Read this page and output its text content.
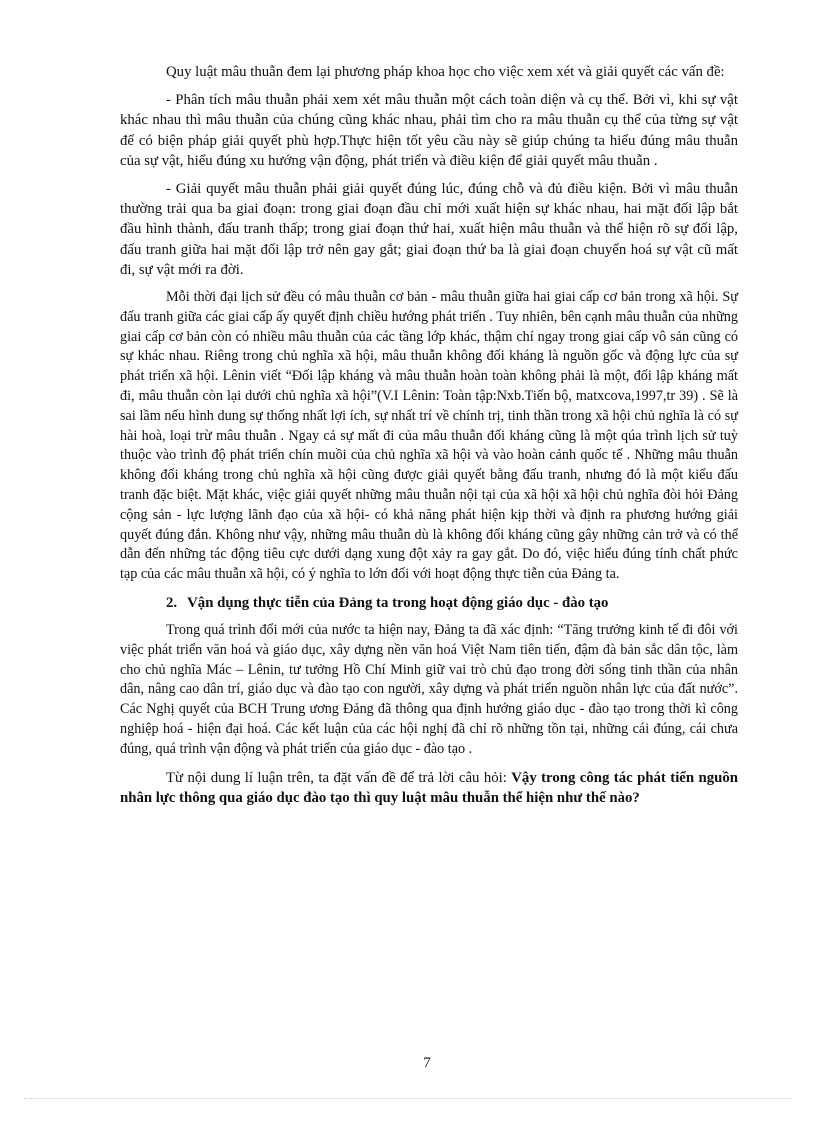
Quy luật mâu thuẫn đem lại phương pháp khoa học cho việc xem xét và giải quyết các vấn đề:

- Phân tích mâu thuẫn phải xem xét mâu thuẫn một cách toàn diện và cụ thể. Bởi vì, khi sự vật khác nhau thì mâu thuẫn của chúng cũng khác nhau, phải tìm cho ra mâu thuẫn cụ thể của từng sự vật để có biện pháp giải quyết phù hợp.Thực hiện tốt yêu cầu này sẽ giúp chúng ta hiểu đúng mâu thuẫn của sự vật, hiểu đúng xu hướng vận động, phát triển và điều kiện để giải quyết mâu thuẫn .

- Giải quyết mâu thuẫn phải giải quyết đúng lúc, đúng chỗ và đủ điều kiện. Bởi vì mâu thuẫn thường trải qua ba giai đoạn: trong giai đoạn đầu chỉ mới xuất hiện sự khác nhau, hai mặt đối lập bắt đầu hình thành, đấu tranh thấp; trong giai đoạn thứ hai, xuất hiện mâu thuẫn và thể hiện rõ sự đối lập, đấu tranh giữa hai mặt đối lập trở nên gay gắt; giai đoạn thứ ba là giai đoạn chuyển hoá sự vật cũ mất đi, sự vật mới ra đời.

Mỗi thời đại lịch sử đều có mâu thuẫn cơ bản - mâu thuẫn giữa hai giai cấp cơ bản trong xã hội. Sự đấu tranh giữa các giai cấp ấy quyết định chiều hướng phát triển . Tuy nhiên, bên cạnh mâu thuẫn của những giai cấp cơ bản còn có nhiều mâu thuẫn của các tầng lớp khác, thậm chí ngay trong giai cấp vô sản cũng có sự khác nhau. Riêng trong chủ nghĩa xã hội, mâu thuẫn không đối kháng là nguồn gốc và động lực của sự phát triển xã hội. Lênin viết “Đối lập kháng và mâu thuẫn hoàn toàn không phải là một, đối lập kháng mất đi, mâu thuẫn còn lại dưới chủ nghĩa xã hội”(V.I Lênin: Toàn tập:Nxb.Tiến bộ, matxcova,1997,tr 39) . Sẽ là sai lầm nếu hình dung sự thống nhất lợi ích, sự nhất trí về chính trị, tinh thần trong xã hội chủ nghĩa là có sự hài hoà, loại trừ mâu thuẫn . Ngay cả sự mất đi của mâu thuẫn đối kháng cũng là một qúa trình lịch sử tuỳ thuộc vào trình độ phát triển chín muồi của chủ nghĩa xã hội và vào hoàn cảnh quốc tế . Những mâu thuẫn không đối kháng trong chủ nghĩa xã hội cũng được giải quyết bằng đấu tranh, nhưng đó là một kiểu đấu tranh đặc biệt. Mặt khác, việc giải quyết những mâu thuẫn nội tại của xã hội xã hội chủ nghĩa đòi hỏi Đảng cộng sản - lực lượng lãnh đạo của xã hội- có khả năng phát hiện kịp thời và định ra phương hướng giải quyết đúng đắn. Không như vậy, những mâu thuẫn dù là không đối kháng cũng gây những cản trở và có thể dẫn đến những tác động tiêu cực dưới dạng xung đột xảy ra gay gắt. Do đó, việc hiểu đúng tính chất phức tạp của các mâu thuẫn xã hội, có ý nghĩa to lớn đối với hoạt động thực tiễn của Đảng ta.

2. Vận dụng thực tiễn của Đảng ta trong hoạt động giáo dục - đào tạo

Trong quá trình đổi mới của nước ta hiện nay, Đảng ta đã xác định: “Tăng trưởng kinh tế đi đôi với việc phát triển văn hoá và giáo dục, xây dựng nền văn hoá Việt Nam tiên tiến, đậm đà bản sắc dân tộc, làm cho chủ nghĩa Mác – Lênin, tư tưởng Hồ Chí Minh giữ vai trò chủ đạo trong đời sống tinh thần của nhân dân, nâng cao dân trí, giáo dục và đào tạo con người, xây dựng và phát triển nguồn nhân lực của đất nước”. Các Nghị quyết của BCH Trung ương Đảng đã thông qua định hướng giáo dục - đào tạo trong thời kì công nghiệp hoá - hiện đại hoá. Các kết luận của các hội nghị đã chỉ rõ những tồn tại, những cái đúng, cái chưa đúng, quá trình vận động và phát triển của giáo dục - đào tạo .

Từ nội dung lí luận trên, ta đặt vấn đề để trả lời câu hỏi: Vậy trong công tác phát tiển nguồn nhân lực thông qua giáo dục đào tạo thì quy luật mâu thuẫn thể hiện như thế nào?

7
